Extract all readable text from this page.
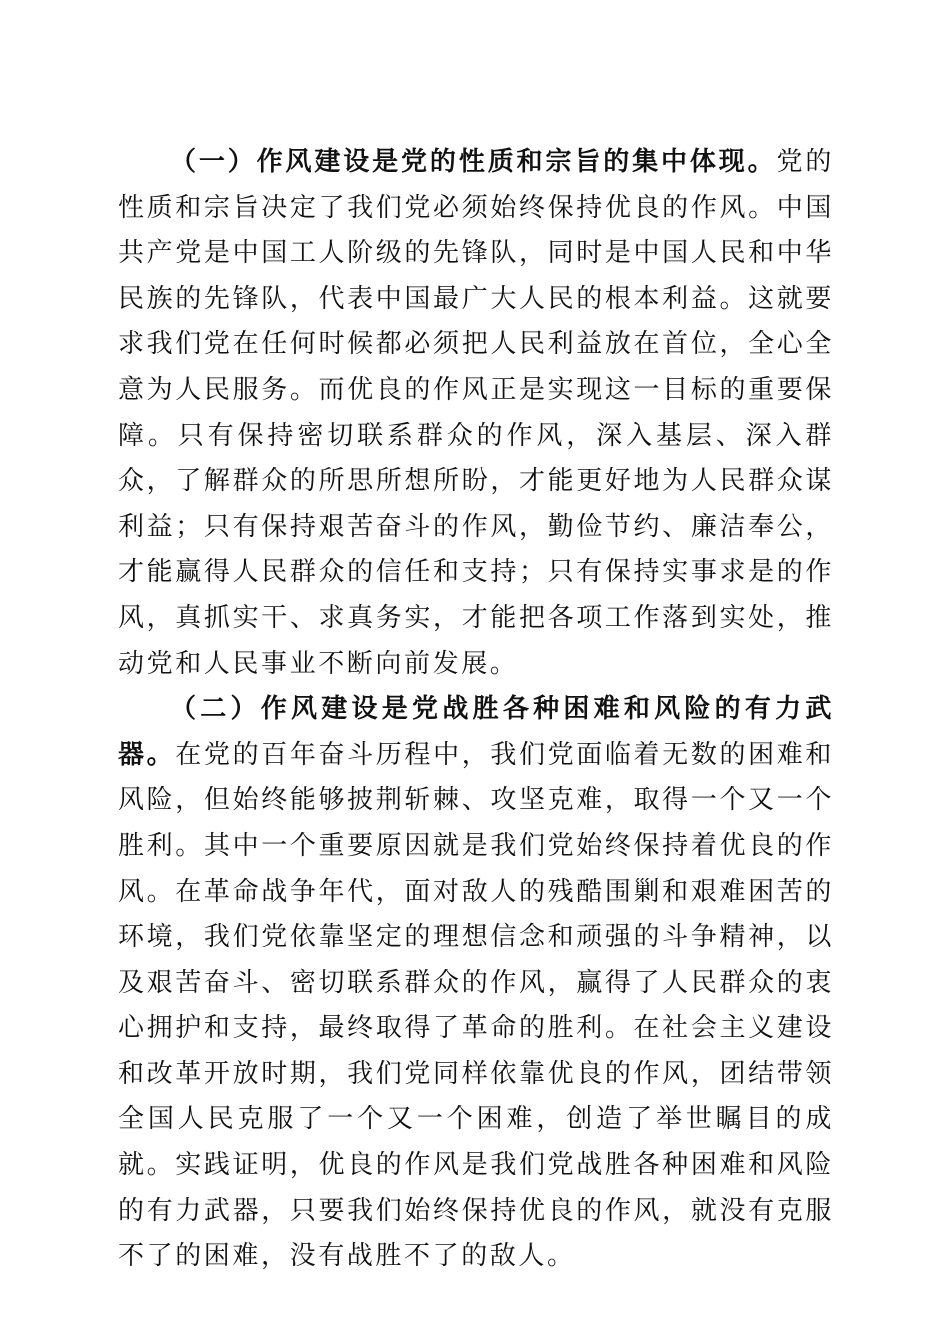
（一）作风建设是党的性质和宗旨的集中体现。党的性质和宗旨决定了我们党必须始终保持优良的作风。中国共产党是中国工人阶级的先锋队，同时是中国人民和中华民族的先锋队，代表中国最广大人民的根本利益。这就要求我们党在任何时候都必须把人民利益放在首位，全心全意为人民服务。而优良的作风正是实现这一目标的重要保障。只有保持密切联系群众的作风，深入基层、深入群众，了解群众的所思所想所盼，才能更好地为人民群众谋利益；只有保持艰苦奋斗的作风，勤俭节约、廉洁奉公，才能赢得人民群众的信任和支持；只有保持实事求是的作风，真抓实干、求真务实，才能把各项工作落到实处，推动党和人民事业不断向前发展。

（二）作风建设是党战胜各种困难和风险的有力武器。在党的百年奋斗历程中，我们党面临着无数的困难和风险，但始终能够披荆斩棘、攻坚克难，取得一个又一个胜利。其中一个重要原因就是我们党始终保持着优良的作风。在革命战争年代，面对敌人的残酷围剿和艰难困苦的环境，我们党依靠坚定的理想信念和顽强的斗争精神，以及艰苦奋斗、密切联系群众的作风，赢得了人民群众的衷心拥护和支持，最终取得了革命的胜利。在社会主义建设和改革开放时期，我们党同样依靠优良的作风，团结带领全国人民克服了一个又一个困难，创造了举世瞩目的成就。实践证明，优良的作风是我们党战胜各种困难和风险的有力武器，只要我们始终保持优良的作风，就没有克服不了的困难，没有战胜不了的敌人。
